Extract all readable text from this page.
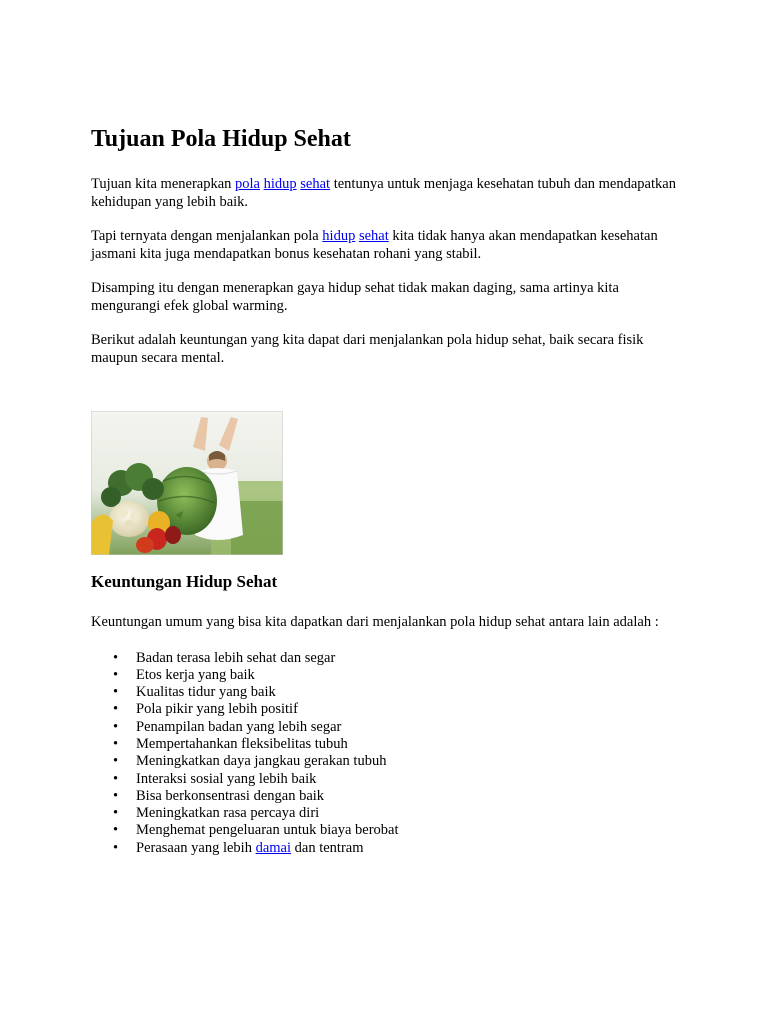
Tujuan Pola Hidup Sehat

Tujuan kita menerapkan pola hidup sehat tentunya untuk menjaga kesehatan tubuh dan mendapatkan kehidupan yang lebih baik.

Tapi ternyata dengan menjalankan pola hidup sehat kita tidak hanya akan mendapatkan kesehatan jasmani kita juga mendapatkan bonus kesehatan rohani yang stabil.

Disamping itu dengan menerapkan gaya hidup sehat tidak makan daging, sama artinya kita mengurangi efek global warming.

Berikut adalah keuntungan yang kita dapat dari menjalankan pola hidup sehat, baik secara fisik maupun secara mental.

Keuntungan Hidup Sehat

Keuntungan umum yang bisa kita dapatkan dari menjalankan pola hidup sehat antara lain adalah :

• Badan terasa lebih sehat dan segar
• Etos kerja yang baik
• Kualitas tidur yang baik
• Pola pikir yang lebih positif
• Penampilan badan yang lebih segar
• Mempertahankan fleksibelitas tubuh
• Meningkatkan daya jangkau gerakan tubuh
• Interaksi sosial yang lebih baik
• Bisa berkonsentrasi dengan baik
• Meningkatkan rasa percaya diri
• Menghemat pengeluaran untuk biaya berobat
• Perasaan yang lebih damai dan tentram
